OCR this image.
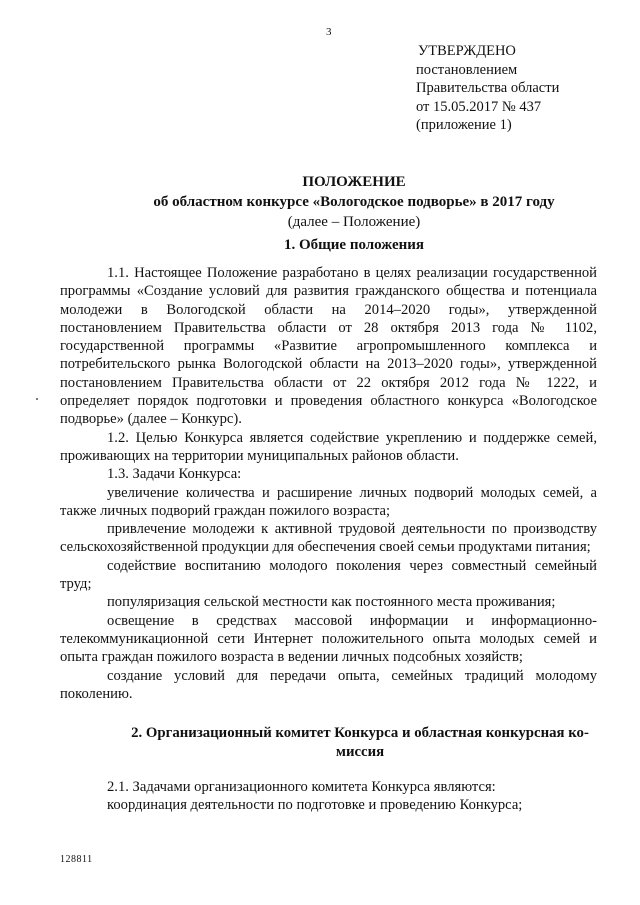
3
УТВЕРЖДЕНО
постановлением
Правительства области
от 15.05.2017 № 437
(приложение 1)
ПОЛОЖЕНИЕ
об областном конкурсе «Вологодское подворье» в 2017 году
(далее – Положение)
1. Общие положения

1.1. Настоящее Положение разработано в целях реализации государственной программы «Создание условий для развития гражданского общества и потенциала молодежи в Вологодской области на 2014–2020 годы», утвержденной постановлением Правительства области от 28 октября 2013 года № 1102, государственной программы «Развитие агропромышленного комплекса и потребительского рынка Вологодской области на 2013–2020 годы», утвержденной постановлением Правительства области от 22 октября 2012 года № 1222, и определяет порядок подготовки и проведения областного конкурса «Вологодское подворье» (далее – Конкурс).

1.2. Целью Конкурса является содействие укреплению и поддержке семей, проживающих на территории муниципальных районов области.

1.3. Задачи Конкурса:

увеличение количества и расширение личных подворий молодых семей, а также личных подворий граждан пожилого возраста;

привлечение молодежи к активной трудовой деятельности по производству сельскохозяйственной продукции для обеспечения своей семьи продуктами питания;

содействие воспитанию молодого поколения через совместный семейный труд;

популяризация сельской местности как постоянного места проживания;

освещение в средствах массовой информации и информационно-телекоммуникационной сети Интернет положительного опыта молодых семей и опыта граждан пожилого возраста в ведении личных подсобных хозяйств;

создание условий для передачи опыта, семейных традиций молодому поколению.

2. Организационный комитет Конкурса и областная конкурсная ко-
миссия

2.1. Задачами организационного комитета Конкурса являются:

координация деятельности по подготовке и проведению Конкурса;

128811
